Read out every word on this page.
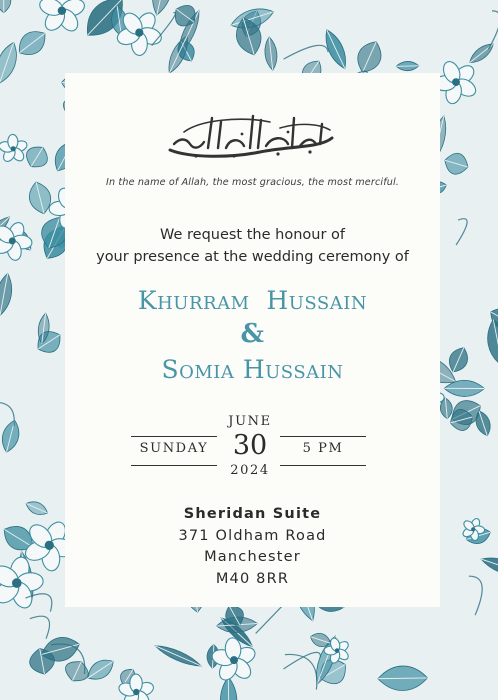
In the name of Allah, the most gracious, the most merciful.
We request the honour of
your presence at the wedding ceremony of
Khurram  Hussain
&
Somia Hussain
JUNE
30
2024
SUNDAY	5 PM
Sheridan Suite
371 Oldham Road
Manchester
M40 8RR
